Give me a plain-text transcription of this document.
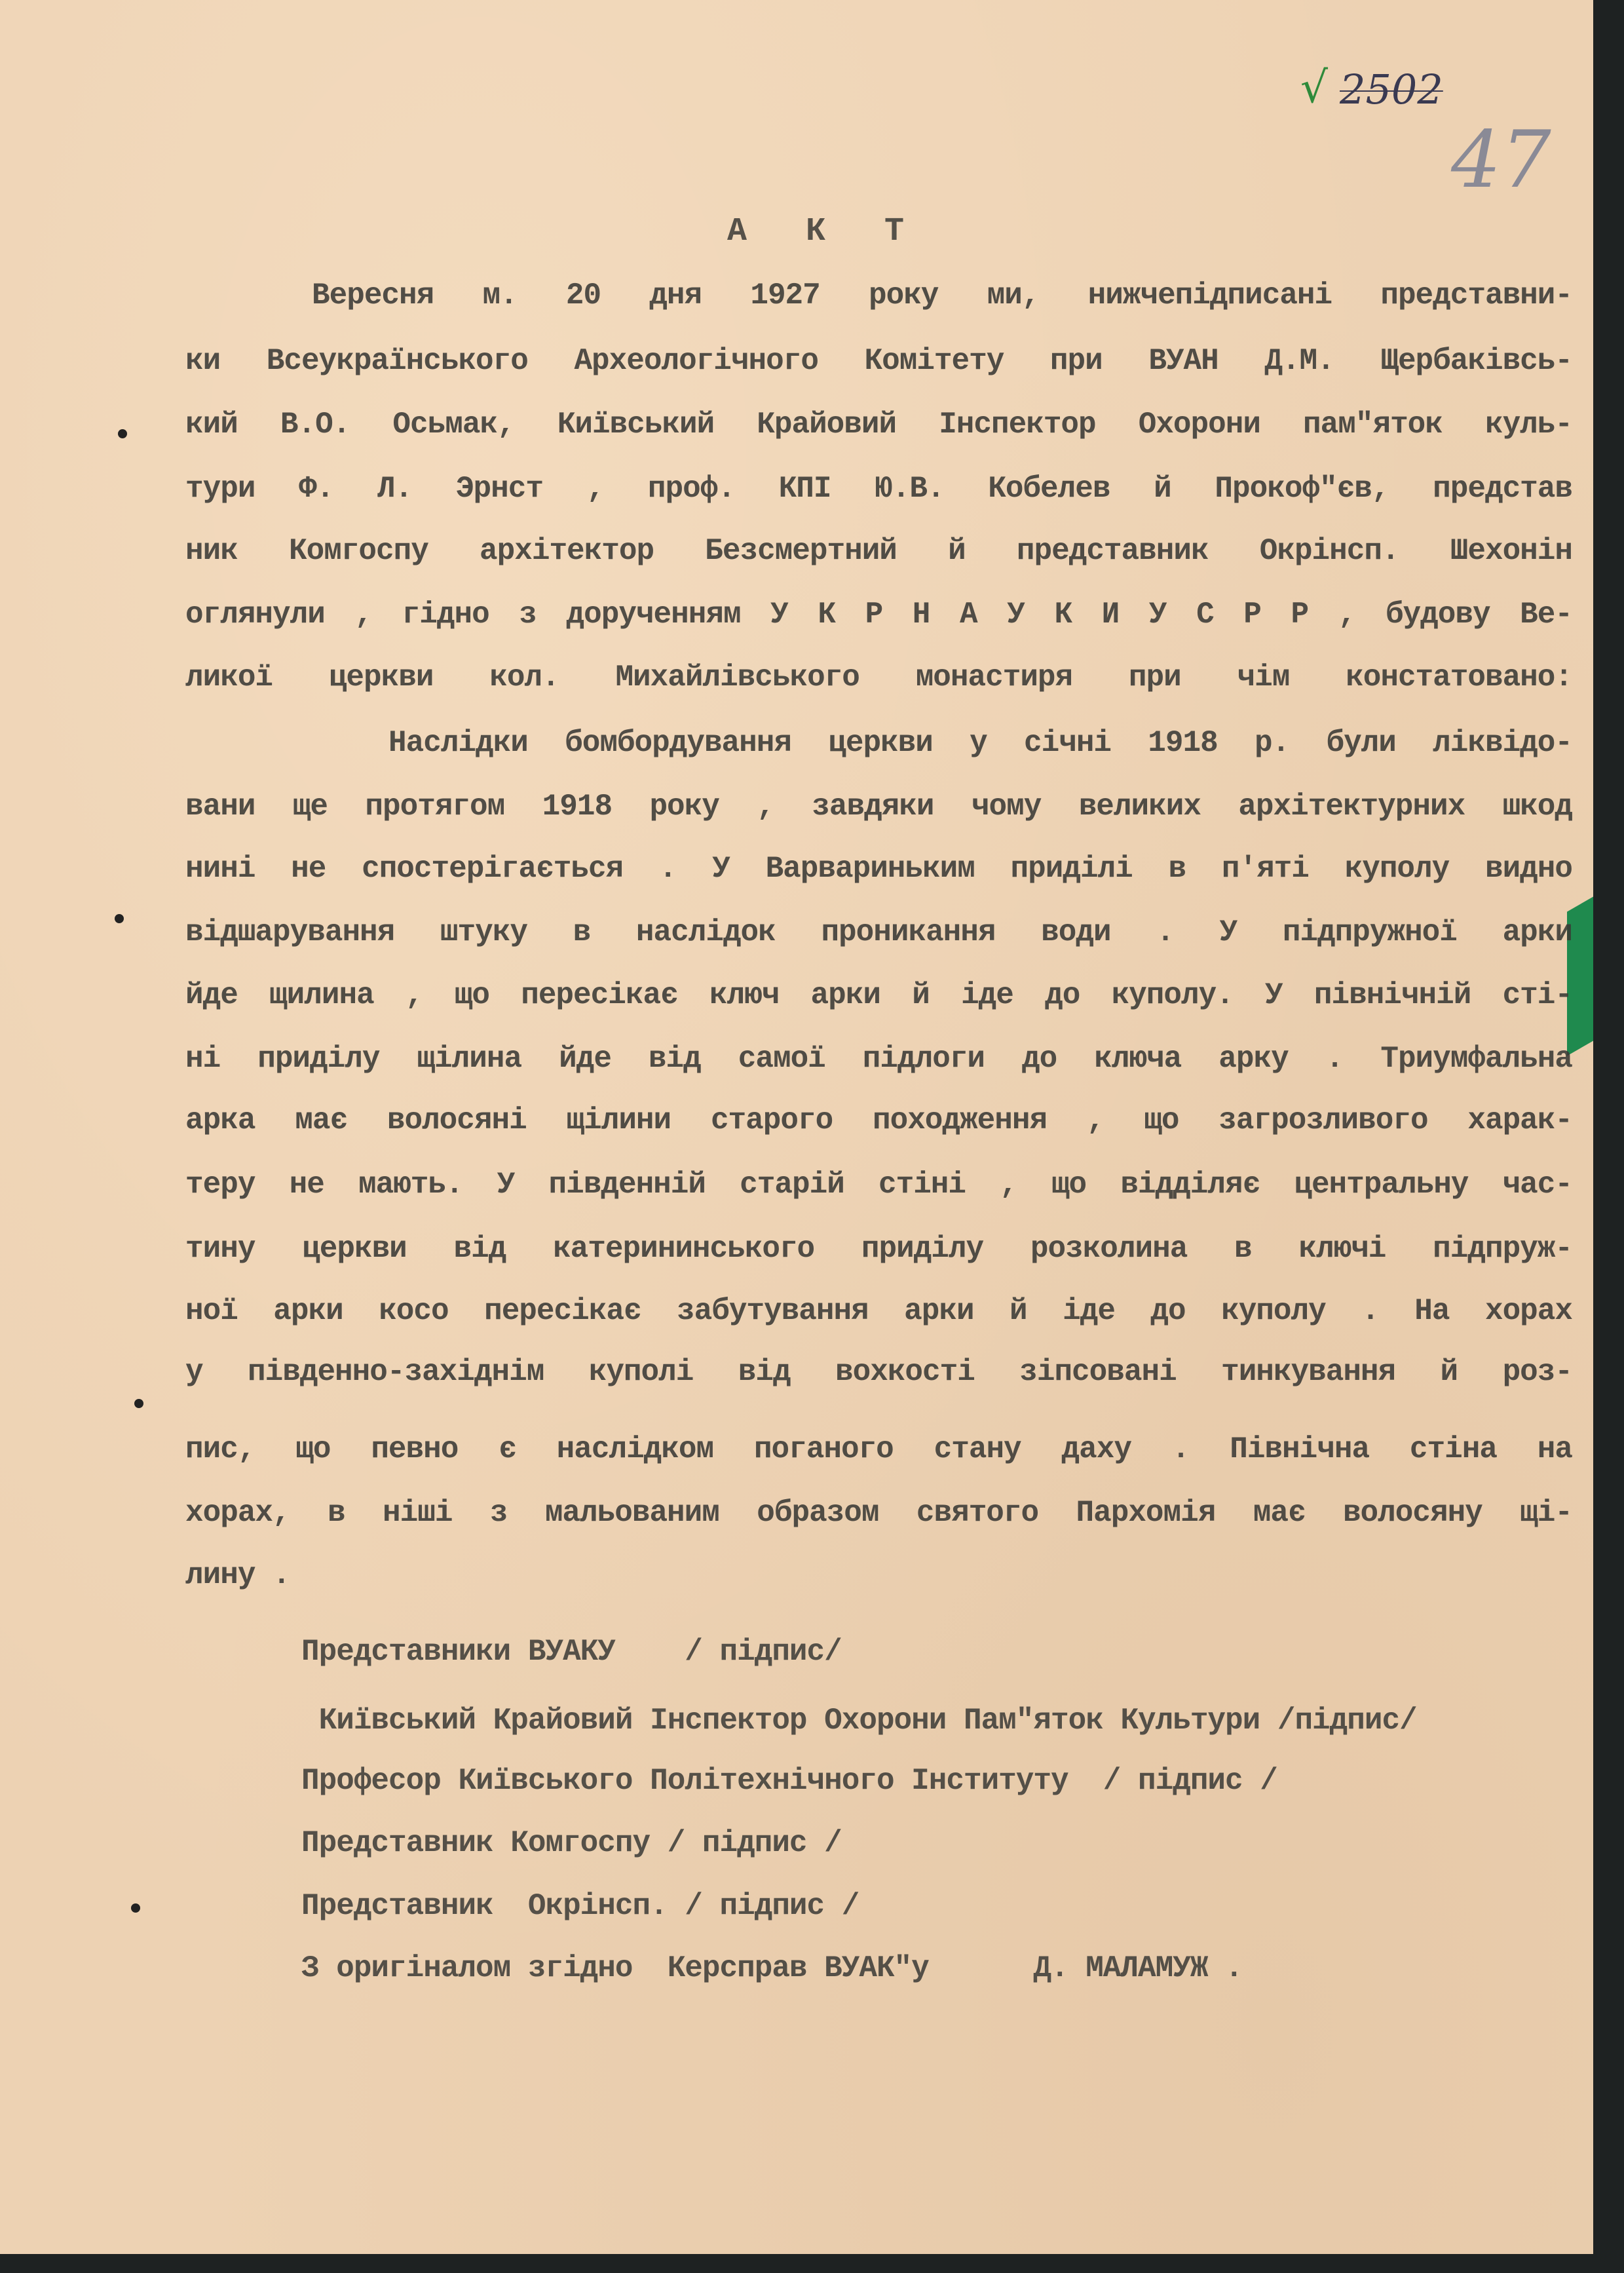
√ 2502
47
А К Т
Вересня м. 20 дня 1927 року ми, нижчепідписані представни-
ки Всеукраїнського Археологічного Комітету при ВУАН Д.М. Щербаківсь-
кий В.О. Осьмак, Київський Крайовий Інспектор Охорони пам"яток куль-
тури Ф. Л. Эрнст , проф. КПІ Ю.В. Кобелев й Прокоф"єв, представ
ник Комгоспу архітектор Безсмертний й представник Окрінсп. Шехонін
оглянули , гідно з дорученням У К Р Н А У К И У С Р Р , будову Ве-
ликої церкви кол. Михайлівського монастиря при чім констатовано:
Наслідки бомбордування церкви у січні 1918 р. були ліквідо-
вани ще протягом 1918 року , завдяки чому великих архітектурних шкод
нині не спостерігається . У Варвариньким приділі в п'яті куполу видно
відшарування штуку в наслідок проникання води . У підпружної арки
йде щилина , що пересікає ключ арки й іде до куполу. У північній сті-
ні приділу щілина йде від самої підлоги до ключа арку . Триумфальна
арка має волосяні щілини старого походження , що загрозливого харак-
теру не мають. У південній старій стіні , що відділяє центральну час-
тину церкви від катерининського приділу розколина в ключі підпруж-
ної арки косо пересікає забутування арки й іде до куполу . На хорах
у південно-західнім куполі від вохкості зіпсовані тинкування й роз-
пис, що певно є наслідком поганого стану даху . Північна стіна на
хорах, в ніші з мальованим образом святого Пархомія має волосяну щі-
лину .
Представники ВУАКУ    / підпис/
Київський Крайовий Інспектор Охорони Пам"яток Культури /підпис/
Професор Київського Політехнічного Інституту  / підпис /
Представник Комгоспу / підпис /
Представник  Окрінсп. / підпис /
З оригіналом згідно  Керсправ ВУАК"у      Д. МАЛАМУЖ .
